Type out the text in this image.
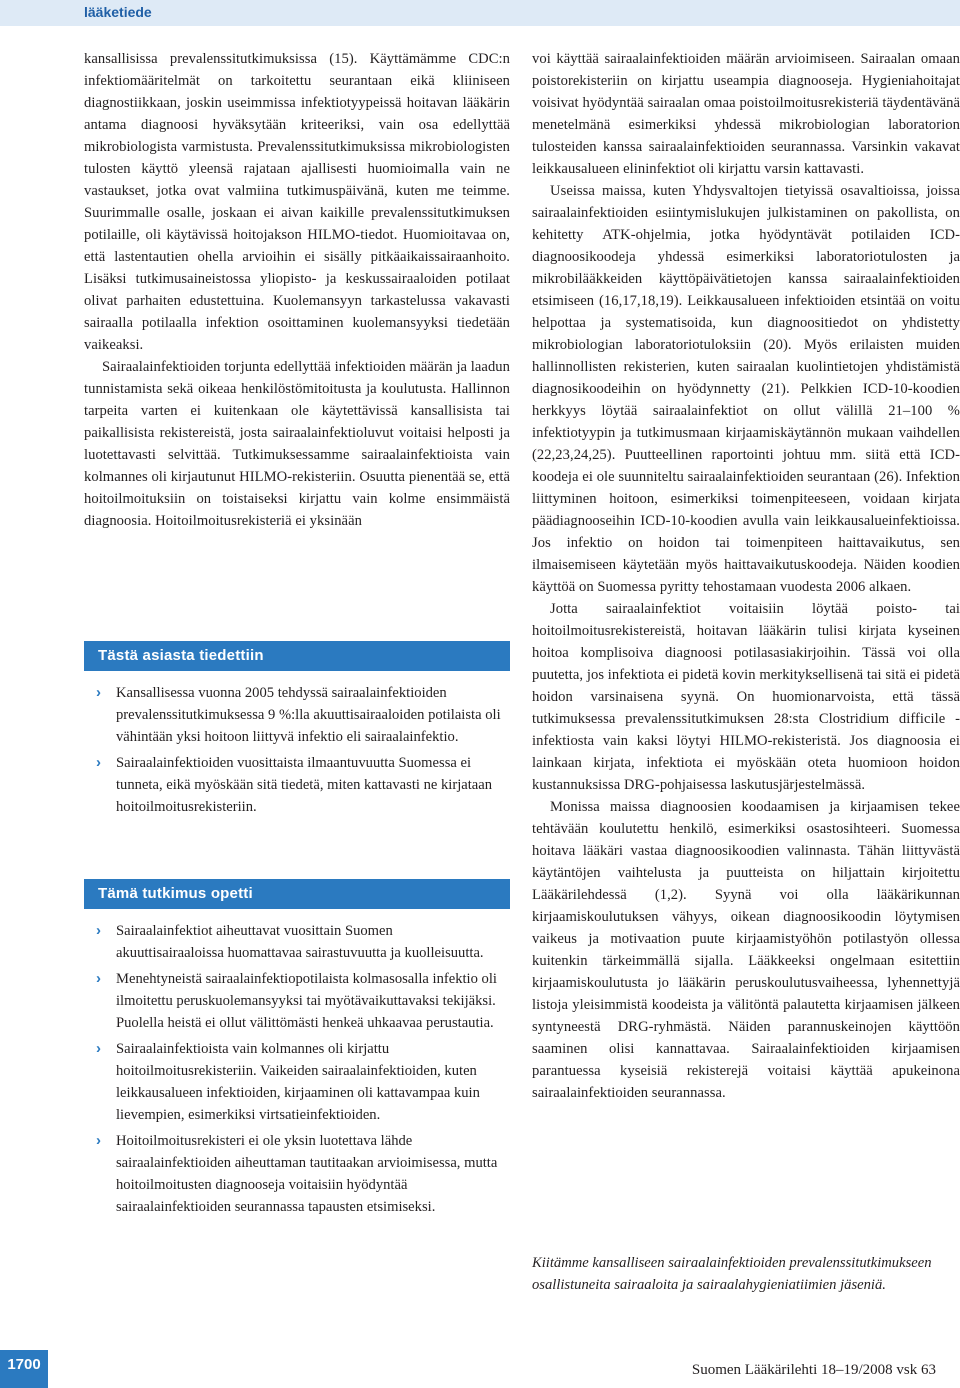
lääketiede

kansallisissa prevalenssitutkimuksissa (15). Käyttämämme CDC:n infektiomääritelmät on tarkoitettu seurantaan eikä kliiniseen diagnostiikkaan, joskin useimmissa infektiotyypeissä hoitavan lääkärin antama diagnoosi hyväksytään kriteeriksi, vain osa edellyttää mikrobiologista varmistusta. Prevalenssitutkimuksissa mikrobiologisten tulosten käyttö yleensä rajataan ajallisesti huomioimalla vain ne vastaukset, jotka ovat valmiina tutkimuspäivänä, kuten me teimme. Suurimmalle osalle, joskaan ei aivan kaikille prevalenssitutkimuksen potilaille, oli käytävissä hoitojakson HILMO-tiedot. Huomioitavaa on, että lastentautien ohella arvioihin ei sisälly pitkäaikaissairaanhoito. Lisäksi tutkimusaineistossa yliopisto- ja keskussairaaloiden potilaat olivat parhaiten edustettuina. Kuolemansyyn tarkastelussa vakavasti sairaalla potilaalla infektion osoittaminen kuolemansyyksi tiedetään vaikeaksi.

Sairaalainfektioiden torjunta edellyttää infektioiden määrän ja laadun tunnistamista sekä oikeaa henkilöstömitoitusta ja koulutusta. Hallinnon tarpeita varten ei kuitenkaan ole käytettävissä kansallisista tai paikallisista rekistereistä, josta sairaalainfektioluvut voitaisi helposti ja luotettavasti selvittää. Tutkimuksessamme sairaalainfektioista vain kolmannes oli kirjautunut HILMO-rekisteriin. Osuutta pienentää se, että hoitoilmoituksiin on toistaiseksi kirjattu vain kolme ensimmäistä diagnoosia. Hoitoilmoitusrekisteriä ei yksinään

Tästä asiasta tiedettiin
› Kansallisessa vuonna 2005 tehdyssä sairaalainfektioiden prevalenssitutkimuksessa 9 %:lla akuuttisairaaloiden potilaista oli vähintään yksi hoitoon liittyvä infektio eli sairaalainfektio.
› Sairaalainfektioiden vuosittaista ilmaantuvuutta Suomessa ei tunneta, eikä myöskään sitä tiedetä, miten kattavasti ne kirjataan hoitoilmoitusrekisteriin.
Tämä tutkimus opetti
› Sairaalainfektiot aiheuttavat vuosittain Suomen akuuttisairaaloissa huomattavaa sairastuvuutta ja kuolleisuutta.
› Menehtyneistä sairaalainfektiopotilaista kolmasosalla infektio oli ilmoitettu peruskuolemansyyksi tai myötävaikuttavaksi tekijäksi. Puolella heistä ei ollut välittömästi henkeä uhkaavaa perustautia.
› Sairaalainfektioista vain kolmannes oli kirjattu hoitoilmoitusrekisteriin. Vaikeiden sairaalainfektioiden, kuten leikkausalueen infektioiden, kirjaaminen oli kattavampaa kuin lievempien, esimerkiksi virtsatieinfektioiden.
› Hoitoilmoitusrekisteri ei ole yksin luotettava lähde sairaalainfektioiden aiheuttaman tautitaakan arvioimisessa, mutta hoitoilmoitusten diagnooseja voitaisiin hyödyntää sairaalainfektioiden seurannassa tapausten etsimiseksi.

voi käyttää sairaalainfektioiden määrän arvioimiseen. Sairaalan omaan poistorekisteriin on kirjattu useampia diagnooseja. Hygieniahoitajat voisivat hyödyntää sairaalan omaa poistoilmoitusrekisteriä täydentävänä menetelmänä esimerkiksi yhdessä mikrobiologian laboratorion tulosteiden kanssa sairaalainfektioiden seurannassa. Varsinkin vakavat leikkausalueen elininfektiot oli kirjattu varsin kattavasti.

Useissa maissa, kuten Yhdysvaltojen tietyissä osavaltioissa, joissa sairaalainfektioiden esiintymislukujen julkistaminen on pakollista, on kehitetty ATK-ohjelmia, jotka hyödyntävät potilaiden ICD-diagnoosikoodeja yhdessä esimerkiksi laboratoriotulosten ja mikrobilääkkeiden käyttöpäivätietojen kanssa sairaalainfektioiden etsimiseen (16,17,18,19). Leikkausalueen infektioiden etsintää on voitu helpottaa ja systematisoida, kun diagnoositiedot on yhdistetty mikrobiologian laboratoriotuloksiin (20). Myös erilaisten muiden hallinnollisten rekisterien, kuten sairaalan kuolintietojen yhdistämistä diagnosikoodeihin on hyödynnetty (21). Pelkkien ICD-10-koodien herkkyys löytää sairaalainfektiot on ollut välillä 21–100 % infektiotyypin ja tutkimusmaan kirjaamiskäytännön mukaan vaihdellen (22,23,24,25). Puutteellinen raportointi johtuu mm. siitä että ICD-koodeja ei ole suunniteltu sairaalainfektioiden seurantaan (26). Infektion liittyminen hoitoon, esimerkiksi toimenpiteeseen, voidaan kirjata päädiagnooseihin ICD-10-koodien avulla vain leikkausalueinfektioissa. Jos infektio on hoidon tai toimenpiteen haittavaikutus, sen ilmaisemiseen käytetään myös haittavaikutuskoodeja. Näiden koodien käyttöä on Suomessa pyritty tehostamaan vuodesta 2006 alkaen.

Jotta sairaalainfektiot voitaisiin löytää poisto- tai hoitoilmoitusrekistereistä, hoitavan lääkärin tulisi kirjata kyseinen hoitoa komplisoiva diagnoosi potilasasiakirjoihin. Tässä voi olla puutetta, jos infektiota ei pidetä kovin merkityksellisenä tai sitä ei pidetä hoidon varsinaisena syynä. On huomionarvoista, että tässä tutkimuksessa prevalenssitutkimuksen 28:sta Clostridium difficile -infektiosta vain kaksi löytyi HILMO-rekisteristä. Jos diagnoosia ei lainkaan kirjata, infektiota ei myöskään oteta huomioon hoidon kustannuksissa DRG-pohjaisessa laskutusjärjestelmässä.

Monissa maissa diagnoosien koodaamisen ja kirjaamisen tekee tehtävään koulutettu henkilö, esimerkiksi osastosihteeri. Suomessa hoitava lääkäri vastaa diagnoosikoodien valinnasta. Tähän liittyvästä käytäntöjen vaihtelusta ja puutteista on hiljattain kirjoitettu Lääkärilehdessä (1,2). Syynä voi olla lääkärikunnan kirjaamiskoulutuksen vähyys, oikean diagnoosikoodin löytymisen vaikeus ja motivaation puute kirjaamistyöhön potilastyön ollessa kuitenkin tärkeimmällä sijalla. Lääkkeeksi ongelmaan esitettiin kirjaamiskoulutusta jo lääkärin peruskoulutusvaiheessa, lyhennettyjä listoja yleisimmistä koodeista ja välitöntä palautetta kirjaamisen jälkeen syntyneestä DRG-ryhmästä. Näiden parannuskeinojen käyttöön saaminen olisi kannattavaa. Sairaalainfektioiden kirjaamisen parantuessa kyseisiä rekisterejä voitaisi käyttää apukeinona sairaalainfektioiden seurannassa.

Kiitämme kansalliseen sairaalainfektioiden prevalenssitutkimukseen osallistuneita sairaaloita ja sairaalahygieniatiimien jäseniä.
1700	Suomen Lääkärilehti 18–19/2008 vsk 63
